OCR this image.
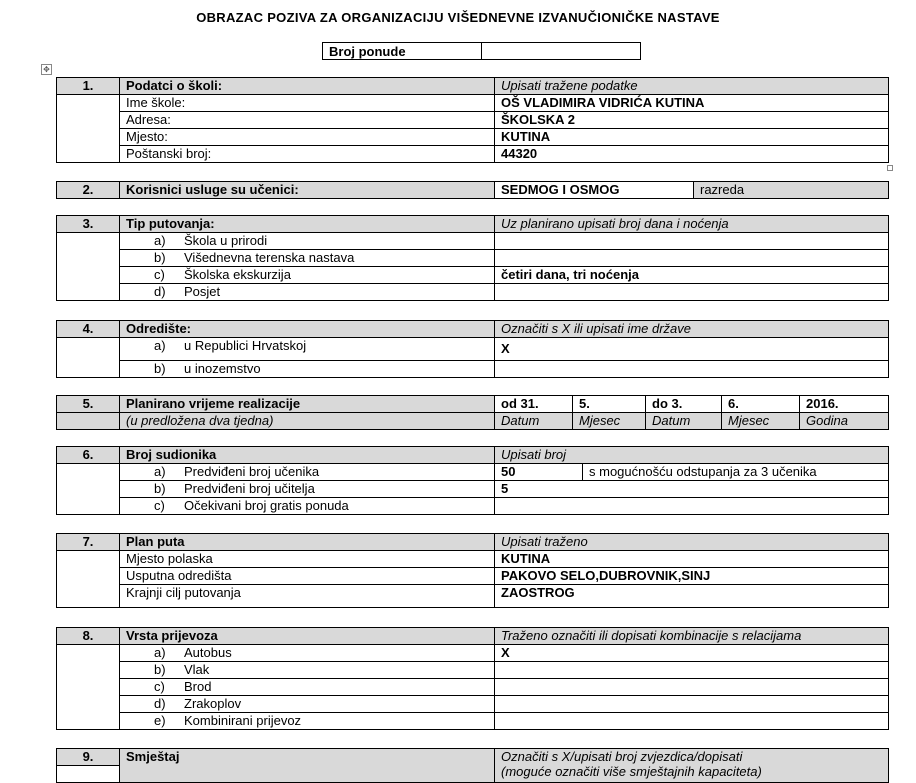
OBRAZAC POZIVA ZA ORGANIZACIJU VIŠEDNEVNE IZVANUČIONIČKE NASTAVE
Broj ponude	
✥
1.	Podatci o školi:	Upisati tražene podatke
	Ime škole:	OŠ VLADIMIRA VIDRIĆA KUTINA
	Adresa:	ŠKOLSKA 2
	Mjesto:	KUTINA
	Poštanski broj:	44320
2.	Korisnici usluge su učenici:	SEDMOG I OSMOG	razreda
3.	Tip putovanja:	Uz planirano upisati broj dana i noćenja
	a) Škola u prirodi	
	b) Višednevna terenska nastava	
	c) Školska ekskurzija	četiri dana, tri noćenja
	d) Posjet	
4.	Odredište:	Označiti s X ili upisati ime države
	a) u Republici Hrvatskoj	X
	b) u inozemstvo	
5.	Planirano vrijeme realizacije	od 31.	5.	do 3.	6.	2016.
	(u predložena dva tjedna)	Datum	Mjesec	Datum	Mjesec	Godina
6.	Broj sudionika	Upisati broj	
	a) Predviđeni broj učenika	50	s mogućnošću odstupanja za 3 učenika
	b) Predviđeni broj učitelja	5	
	c) Očekivani broj gratis ponuda		
7.	Plan puta	Upisati traženo
	Mjesto polaska	KUTINA
	Usputna odredišta	PAKOVO SELO,DUBROVNIK,SINJ
	Krajnji cilj putovanja	ZAOSTROG
8.	Vrsta prijevoza	Traženo označiti ili dopisati kombinacije s relacijama
	a) Autobus	X
	b) Vlak	
	c) Brod	
	d) Zrakoplov	
	e) Kombinirani prijevoz	
9.	Smještaj	Označiti s X/upisati broj zvjezdica/dopisati
(moguće označiti više smještajnih kapaciteta)
